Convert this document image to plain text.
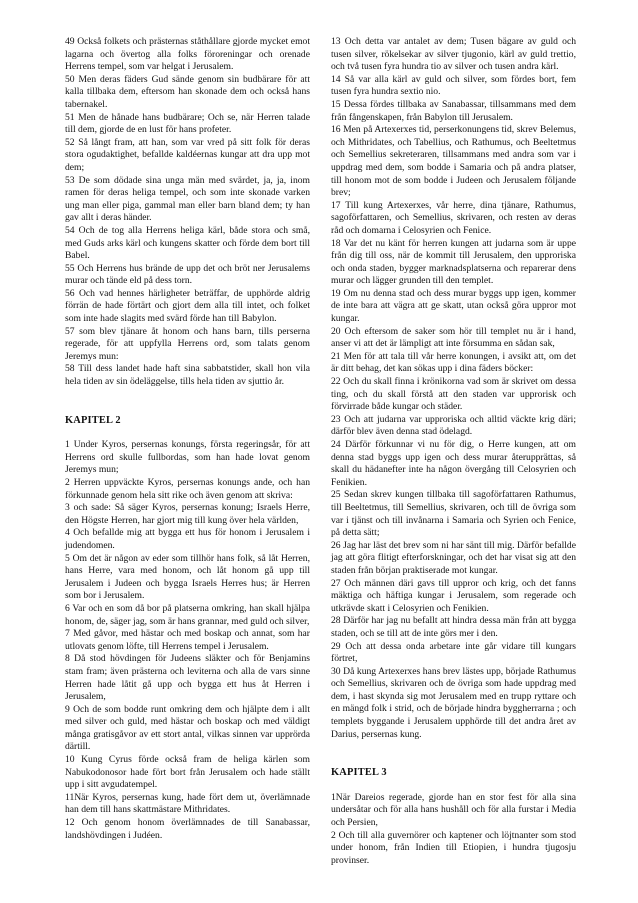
49 Också folkets och prästernas ståthållare gjorde mycket emot lagarna och övertog alla folks föroreningar och orenade Herrens tempel, som var helgat i Jerusalem.

50 Men deras fäders Gud sände genom sin budbärare för att kalla tillbaka dem, eftersom han skonade dem och också hans tabernakel.

51 Men de hånade hans budbärare; Och se, när Herren talade till dem, gjorde de en lust för hans profeter.

52 Så långt fram, att han, som var vred på sitt folk för deras stora ogudaktighet, befallde kaldéernas kungar att dra upp mot dem;

53 De som dödade sina unga män med svärdet, ja, ja, inom ramen för deras heliga tempel, och som inte skonade varken ung man eller piga, gammal man eller barn bland dem; ty han gav allt i deras händer.

54 Och de tog alla Herrens heliga kärl, både stora och små, med Guds arks kärl och kungens skatter och förde dem bort till Babel.

55 Och Herrens hus brände de upp det och bröt ner Jerusalems murar och tände eld på dess torn.

56 Och vad hennes härligheter beträffar, de upphörde aldrig förrän de hade förtärt och gjort dem alla till intet, och folket som inte hade slagits med svärd förde han till Babylon.

57 som blev tjänare åt honom och hans barn, tills perserna regerade, för att uppfylla Herrens ord, som talats genom Jeremys mun:

58 Till dess landet hade haft sina sabbatstider, skall hon vila hela tiden av sin ödeläggelse, tills hela tiden av sjuttio år.

KAPITEL 2

1 Under Kyros, persernas konungs, första regeringsår, för att Herrens ord skulle fullbordas, som han hade lovat genom Jeremys mun;

2 Herren uppväckte Kyros, persernas konungs ande, och han förkunnade genom hela sitt rike och även genom att skriva:

3 och sade: Så säger Kyros, persernas konung; Israels Herre, den Högste Herren, har gjort mig till kung över hela världen,

4 Och befallde mig att bygga ett hus för honom i Jerusalem i judendomen.

5 Om det är någon av eder som tillhör hans folk, så låt Herren, hans Herre, vara med honom, och låt honom gå upp till Jerusalem i Judeen och bygga Israels Herres hus; är Herren som bor i Jerusalem.

6 Var och en som då bor på platserna omkring, han skall hjälpa honom, de, säger jag, som är hans grannar, med guld och silver,

7 Med gåvor, med hästar och med boskap och annat, som har utlovats genom löfte, till Herrens tempel i Jerusalem.

8 Då stod hövdingen för Judeens släkter och för Benjamins stam fram; även prästerna och leviterna och alla de vars sinne Herren hade låtit gå upp och bygga ett hus åt Herren i Jerusalem,

9 Och de som bodde runt omkring dem och hjälpte dem i allt med silver och guld, med hästar och boskap och med väldigt många gratisgåvor av ett stort antal, vilkas sinnen var upprörda därtill.

10 Kung Cyrus förde också fram de heliga kärlen som Nabukodonosor hade fört bort från Jerusalem och hade ställt upp i sitt avgudatempel.

11När Kyros, persernas kung, hade fört dem ut, överlämnade han dem till hans skattmästare Mithridates.

12 Och genom honom överlämnades de till Sanabassar, landshövdingen i Judéen.

13 Och detta var antalet av dem; Tusen bägare av guld och tusen silver, rökelsekar av silver tjugonio, kärl av guld trettio, och två tusen fyra hundra tio av silver och tusen andra kärl.

14 Så var alla kärl av guld och silver, som fördes bort, fem tusen fyra hundra sextio nio.

15 Dessa fördes tillbaka av Sanabassar, tillsammans med dem från fångenskapen, från Babylon till Jerusalem.

16 Men på Artexerxes tid, perserkonungens tid, skrev Belemus, och Mithridates, och Tabellius, och Rathumus, och Beeltetmus och Semellius sekreteraren, tillsammans med andra som var i uppdrag med dem, som bodde i Samaria och på andra platser, till honom mot de som bodde i Judeen och Jerusalem följande brev;

17 Till kung Artexerxes, vår herre, dina tjänare, Rathumus, sagoförfattaren, och Semellius, skrivaren, och resten av deras råd och domarna i Celosyrien och Fenice.

18 Var det nu känt för herren kungen att judarna som är uppe från dig till oss, när de kommit till Jerusalem, den upproriska och onda staden, bygger marknadsplatserna och reparerar dens murar och lägger grunden till den templet.

19 Om nu denna stad och dess murar byggs upp igen, kommer de inte bara att vägra att ge skatt, utan också göra uppror mot kungar.

20 Och eftersom de saker som hör till templet nu är i hand, anser vi att det är lämpligt att inte försumma en sådan sak,

21 Men för att tala till vår herre konungen, i avsikt att, om det är ditt behag, det kan sökas upp i dina fäders böcker:

22 Och du skall finna i krönikorna vad som är skrivet om dessa ting, och du skall förstå att den staden var upprorisk och förvirrade både kungar och städer.

23 Och att judarna var upproriska och alltid väckte krig däri; därför blev även denna stad ödelagd.

24 Därför förkunnar vi nu för dig, o Herre kungen, att om denna stad byggs upp igen och dess murar återupprättas, så skall du hädanefter inte ha någon övergång till Celosyrien och Fenikien.

25 Sedan skrev kungen tillbaka till sagoförfattaren Rathumus, till Beeltetmus, till Semellius, skrivaren, och till de övriga som var i tjänst och till invånarna i Samaria och Syrien och Fenice, på detta sätt;

26 Jag har läst det brev som ni har sänt till mig. Därför befallde jag att göra flitigt efterforskningar, och det har visat sig att den staden från början praktiserade mot kungar.

27 Och männen däri gavs till uppror och krig, och det fanns mäktiga och häftiga kungar i Jerusalem, som regerade och utkrävde skatt i Celosyrien och Fenikien.

28 Därför har jag nu befallt att hindra dessa män från att bygga staden, och se till att de inte görs mer i den.

29 Och att dessa onda arbetare inte går vidare till kungars förtret,

30 Då kung Artexerxes hans brev lästes upp, började Rathumus och Semellius, skrivaren och de övriga som hade uppdrag med dem, i hast skynda sig mot Jerusalem med en trupp ryttare och en mängd folk i strid, och de började hindra byggherrarna ; och templets byggande i Jerusalem upphörde till det andra året av Darius, persernas kung.

KAPITEL 3

1När Dareios regerade, gjorde han en stor fest för alla sina undersåtar och för alla hans hushåll och för alla furstar i Media och Persien,

2 Och till alla guvernörer och kaptener och löjtnanter som stod under honom, från Indien till Etiopien, i hundra tjugosju provinser.
